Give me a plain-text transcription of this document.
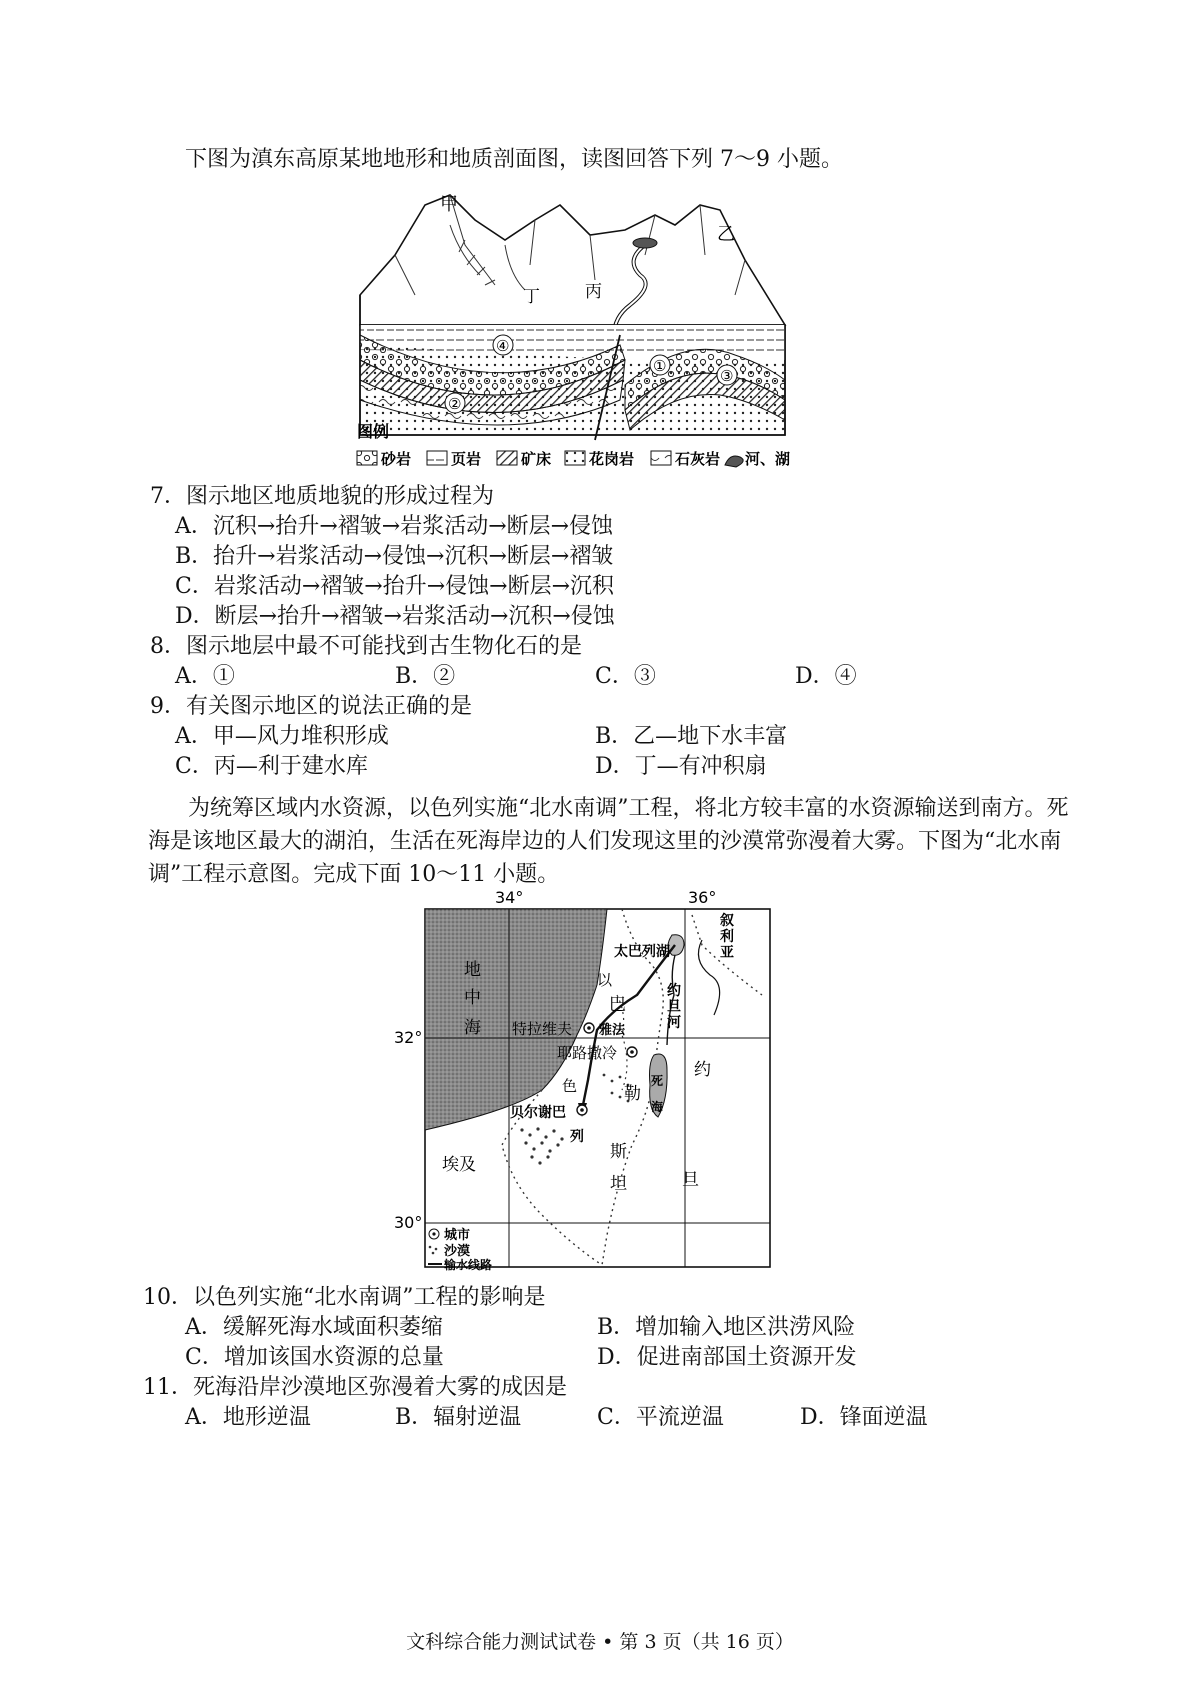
下图为滇东高原某地地形和地质剖面图，读图回答下列 7～9 小题。
甲
乙
丙
丁
④
②
①
③
图例
砂岩	页岩	矿床	花岗岩	石灰岩 河、湖
7．图示地区地质地貌的形成过程为
A．沉积→抬升→褶皱→岩浆活动→断层→侵蚀
B．抬升→岩浆活动→侵蚀→沉积→断层→褶皱
C．岩浆活动→褶皱→抬升→侵蚀→断层→沉积
D．断层→抬升→褶皱→岩浆活动→沉积→侵蚀
8．图示地层中最不可能找到古生物化石的是
A．①	B．②	C．③	D．④
9．有关图示地区的说法正确的是
A．甲—风力堆积形成	B．乙—地下水丰富
C．丙—利于建水库	D．丁—有冲积扇
为统筹区域内水资源，以色列实施“北水南调”工程，将北方较丰富的水资源输送到南方。死海是该地区最大的湖泊，生活在死海岸边的人们发现这里的沙漠常弥漫着大雾。下图为“北水南调”工程示意图。完成下面 10～11 小题。
34°	36°
32°
30°
地
中
海
叙
利
亚
太巴列湖
约
旦
河
以
色
列
巴
勒
斯
坦
约
旦
死
海
特拉维夫 雅法
耶路撒冷
贝尔谢巴
埃及
城市
沙漠
输水线路
10．以色列实施“北水南调”工程的影响是
A．缓解死海水域面积萎缩	B．增加输入地区洪涝风险
C．增加该国水资源的总量	D．促进南部国土资源开发
11．死海沿岸沙漠地区弥漫着大雾的成因是
A．地形逆温	B．辐射逆温	C．平流逆温	D．锋面逆温
文科综合能力测试试卷 • 第 3 页（共 16 页）
